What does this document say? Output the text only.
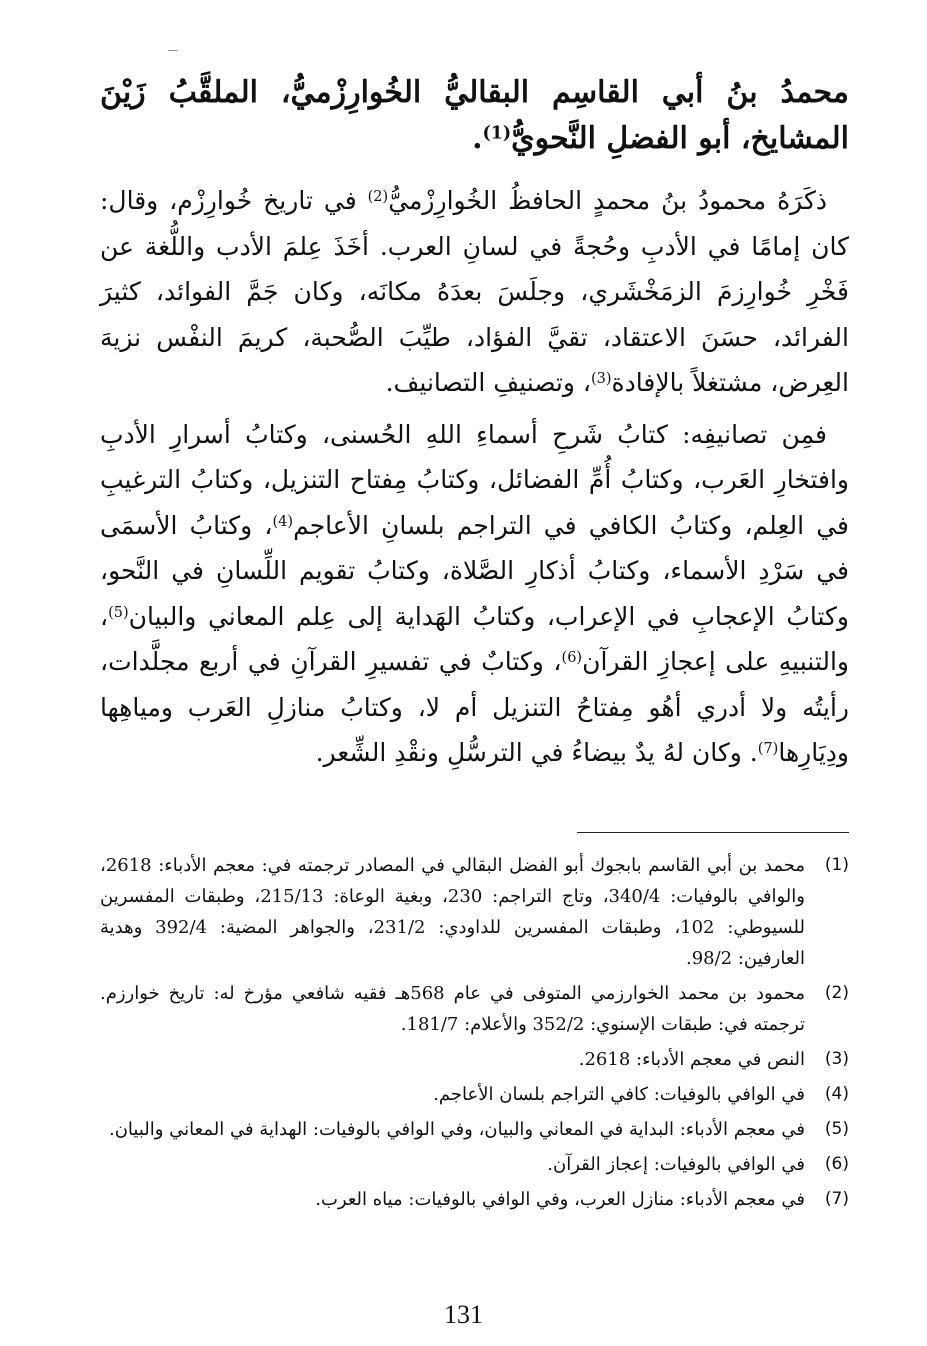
محمدُ بنُ أبي القاسِم البقاليُّ الخُوارِزْميُّ، الملقَّبُ زَيْنَ المشايخ، أبو الفضلِ النَّحويُّ$^{(1)}$.

ذكَرَهُ محمودُ بنُ محمدٍ الحافظُ الخُوارِزْميُّ$^{(2)}$ في تاريخ خُوارِزْم، وقال: كان إمامًا في الأدبِ وحُجةً في لسانِ العرب. أخَذَ عِلمَ الأدب واللُّغة عن فَخْرِ خُوارِزمَ الزمَخْشَري، وجلَسَ بعدَهُ مكانَه، وكان جَمَّ الفوائد، كثيرَ الفرائد، حسَنَ الاعتقاد، تقيَّ الفؤاد، طيِّبَ الصُّحبة، كريمَ النفْس نزيهَ العِرض، مشتغلاً بالإفادة$^{(3)}$، وتصنيفِ التصانيف.

فمِن تصانيفِه: كتابُ شَرحِ أسماءِ اللهِ الحُسنى، وكتابُ أسرارِ الأدبِ وافتخارِ العَرب، وكتابُ أُمِّ الفضائل، وكتابُ مِفتاح التنزيل، وكتابُ الترغيبِ في العِلم، وكتابُ الكافي في التراجم بلسانِ الأعاجم$^{(4)}$، وكتابُ الأسمَى في سَرْدِ الأسماء، وكتابُ أذكارِ الصَّلاة، وكتابُ تقويم اللِّسانِ في النَّحو، وكتابُ الإعجابِ في الإعراب، وكتابُ الهَداية إلى عِلم المعاني والبيان$^{(5)}$، والتنبيهِ على إعجازِ القرآن$^{(6)}$، وكتابٌ في تفسيرِ القرآنِ في أربع مجلَّدات، رأيتُه ولا أدري أهُو مِفتاحُ التنزيل أم لا، وكتابُ منازلِ العَرب ومياهِها ودِيَارِها$^{(7)}$. وكان لهُ يدٌ بيضاءُ في الترسُّلِ ونقْدِ الشِّعر.

(1)
محمد بن أبي القاسم بابجوك أبو الفضل البقالي في المصادر ترجمته في: معجم الأدباء: 2618، والوافي بالوفيات: 340/4، وتاج التراجم: 230، وبغية الوعاة: 215/13، وطبقات المفسرين للسيوطي: 102، وطبقات المفسرين للداودي: 231/2، والجواهر المضية: 392/4 وهدية العارفين: 98/2.
(2)
محمود بن محمد الخوارزمي المتوفى في عام 568هـ فقيه شافعي مؤرخ له: تاريخ خوارزم. ترجمته في: طبقات الإسنوي: 352/2 والأعلام: 181/7.
(3)
النص في معجم الأدباء: 2618.
(4)
في الوافي بالوفيات: كافي التراجم بلسان الأعاجم.
(5)
في معجم الأدباء: البداية في المعاني والبيان، وفي الوافي بالوفيات: الهداية في المعاني والبيان.
(6)
في الوافي بالوفيات: إعجاز القرآن.
(7)
في معجم الأدباء: منازل العرب، وفي الوافي بالوفيات: مياه العرب.
131
